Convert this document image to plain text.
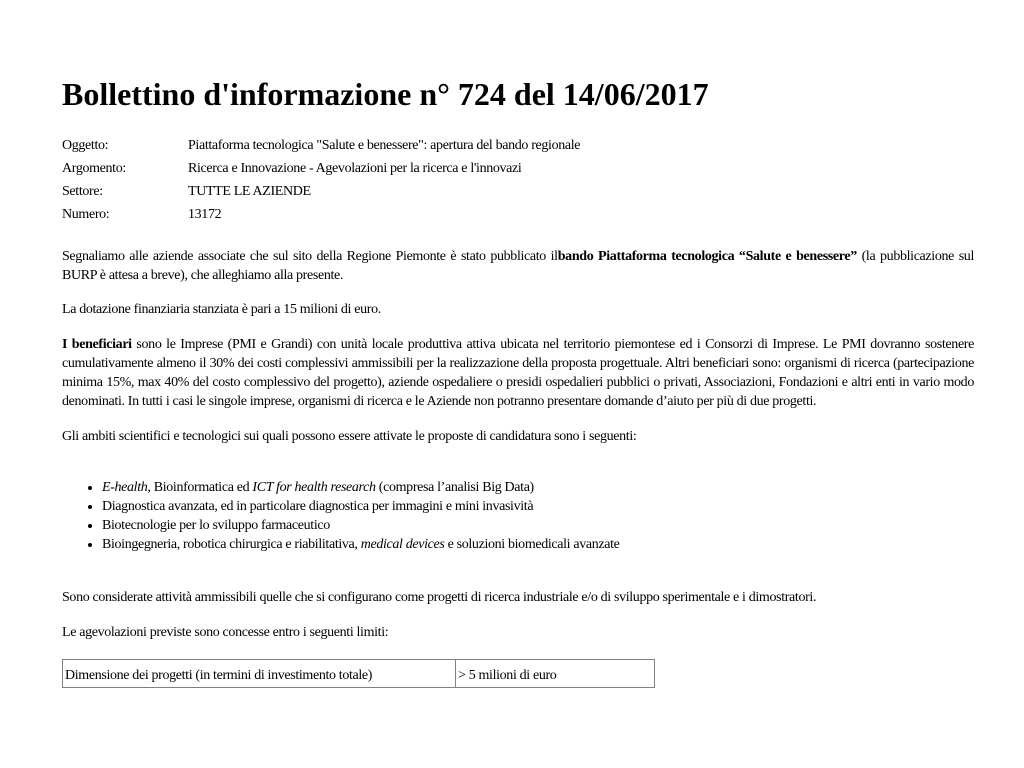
Bollettino d'informazione n° 724 del 14/06/2017
Oggetto:	Piattaforma tecnologica "Salute e benessere": apertura del bando regionale
Argomento:	Ricerca e Innovazione - Agevolazioni per la ricerca e l'innovazi
Settore:	TUTTE LE AZIENDE
Numero:	13172

Segnaliamo alle aziende associate che sul sito della Regione Piemonte è stato pubblicato ilbando Piattaforma tecnologica “Salute e benessere” (la pubblicazione sul BURP è attesa a breve), che alleghiamo alla presente.

La dotazione finanziaria stanziata è pari a 15 milioni di euro.

I beneficiari sono le Imprese (PMI e Grandi) con unità locale produttiva attiva ubicata nel territorio piemontese ed i Consorzi di Imprese. Le PMI dovranno sostenere cumulativamente almeno il 30% dei costi complessivi ammissibili per la realizzazione della proposta progettuale. Altri beneficiari sono: organismi di ricerca (partecipazione minima 15%, max 40% del costo complessivo del progetto), aziende ospedaliere o presidi ospedalieri pubblici o privati, Associazioni, Fondazioni e altri enti in vario modo denominati. In tutti i casi le singole imprese, organismi di ricerca e le Aziende non potranno presentare domande d’aiuto per più di due progetti.

Gli ambiti scientifici e tecnologici sui quali possono essere attivate le proposte di candidatura sono i seguenti:

• E-health, Bioinformatica ed ICT for health research (compresa l’analisi Big Data)
• Diagnostica avanzata, ed in particolare diagnostica per immagini e mini invasività
• Biotecnologie per lo sviluppo farmaceutico
• Bioingegneria, robotica chirurgica e riabilitativa, medical devices e soluzioni biomedicali avanzate

Sono considerate attività ammissibili quelle che si configurano come progetti di ricerca industriale e/o di sviluppo sperimentale e i dimostratori.

Le agevolazioni previste sono concesse entro i seguenti limiti:

Dimensione dei progetti (in termini di investimento totale)	> 5 milioni di euro
